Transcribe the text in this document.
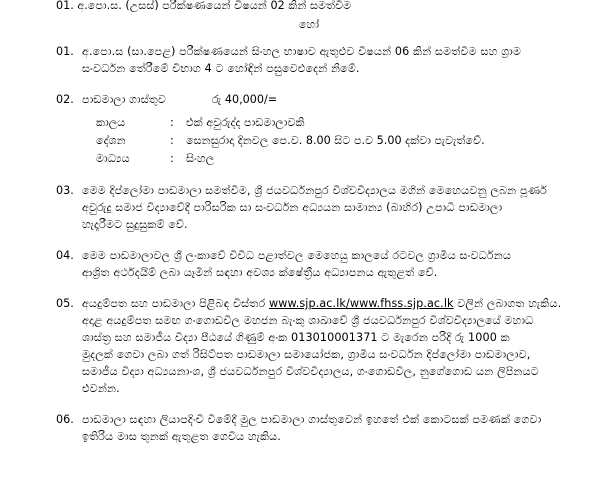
01. අ.පො.ස. (උසස්) පරීක්ෂණයෙන් විෂයන් 02 කින් සමත්වීම
හෝ
01. අ.පො.ස (සා.පෙළ) පරීක්ෂණයෙන් සිංහල භාෂාව ඇතුළුව විෂයන් 06 කින් සමත්වීම සහ ග්‍රාම
සංවර්ධන තේරීමේ විභාග 4 ට හෝඳින් පසුවෙළුදෙන් නිමේ.
02. පාඩමාලා ගාස්තුව	රු
40,000/=
කාලය	:	එක් අවුරුද්ද පාඩමාලාවකි
දේශන	:	සෙනසුරාදා දිනවල පෙ.ව. 8.00 සිට ප.ව 5.00 දක්වා පැවැත්වේ.
මාධ්‍යය	:	සිංහල
03. මෙම දිප්ලෝමා පාඩමාලා සමත්වීම, ශ්‍රී ජයවර්ධනපුර විශ්වවිද්‍යාලය මගින් මෙහෙයවනු ලබන පූර්ණ
අවුරුදු සමාජ විද්‍යාවේදී පාරිසරික සා සංවර්ධන අධ්‍යයන සාමාන්‍ය (බාහිර) උපාධි පාඩමාලා
හැදෑරීමට සුදුසුකම් වේ.
04. මෙම පාඩමාලාවල ශ්‍රී ලංකාවේ විවිධ පළාත්වල මෙහෙයු කාලයේ රටවල ග්‍රාමීය සංවර්ධනය
ආශ්‍රිත අර්ථදයිම් ලබා යෑමින් සඳහා අවශ්‍ය ක්ෂේත්‍රීය අධ්‍යාපනය ඇතුළත් වේ.
05. අයදුම්පත සහ පාඩමාලා පිළිබඳ විස්තර www.sjp.ac.lk/www.fhss.sjp.ac.lk වලින් ලබාගත හැකිය.
අදාළ අයදුම්පත සමඟ ගංගොඩවිල මහජන බැංකු ශාඛාවේ ශ්‍රී ජයවර්ධනපුර විශ්වවිද්‍යාලයේ මහාධ
ශාස්ත්‍ර සහ සමාජීය විද්‍යා පීඨයේ ගිණුම් අංක 013010001371 ට මැරෙන පරිදි රු 1000 ක
මුදලක් ගෙවා ලබා ගත් රිසිට්පත පාඩමාලා සමායෝජක, ග්‍රාමීය සංවර්ධන දිප්ලෝමා පාඩමාලාව,
සමාජීය විද්‍යා අධ්‍යයනාංශ, ශ්‍රී ජයවර්ධනපුර විශ්වවිද්‍යාලය, ගංගොඩවිල, නුගේගොඩ යන ලිපිනයට
එවන්න.
06. පාඩමාලා සඳහා ලියාපදිංචි වීමේදී මුල පාඩමාලා ගාස්තුවෙන් ඉහතේ එක් කොටසක් පමණක් ගෙවා
ඉතිරිය මාස තුනක් ඇතුළත ගෙවිය හැකිය.
